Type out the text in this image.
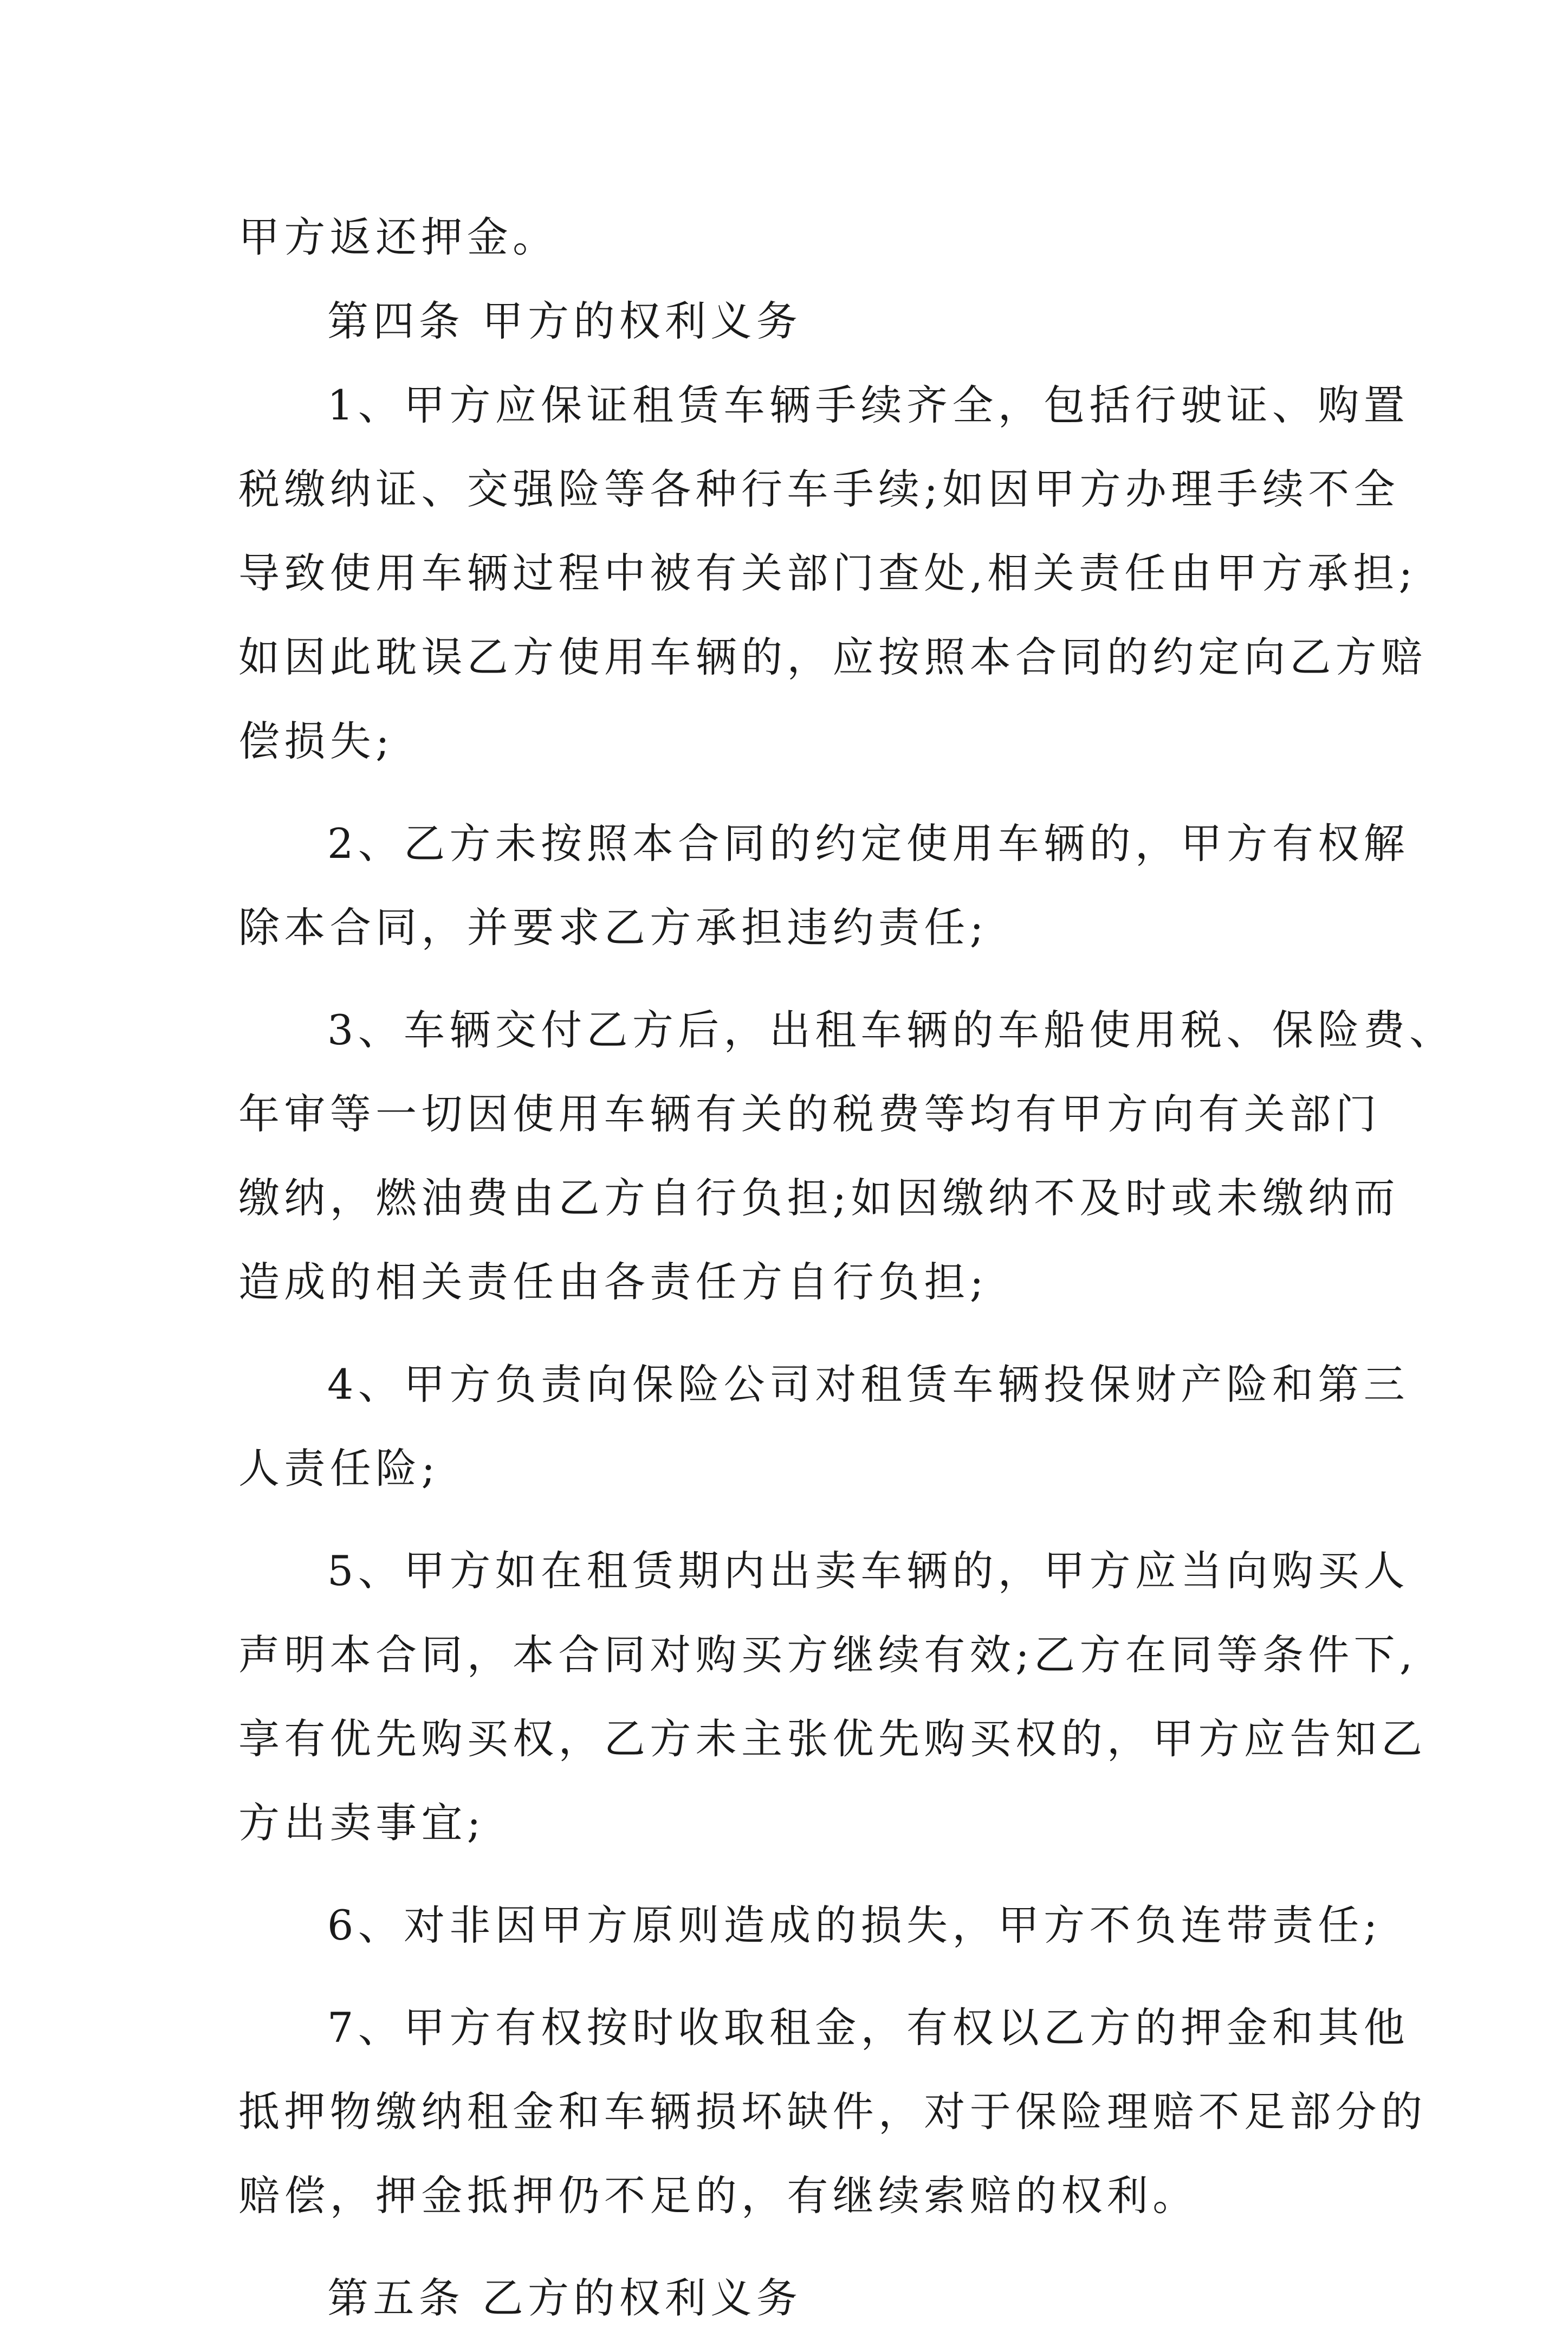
甲方返还押金。
第四条 甲方的权利义务
1、甲方应保证租赁车辆手续齐全，包括行驶证、购置
税缴纳证、交强险等各种行车手续;如因甲方办理手续不全
导致使用车辆过程中被有关部门查处,相关责任由甲方承担;
如因此耽误乙方使用车辆的，应按照本合同的约定向乙方赔
偿损失;
2、乙方未按照本合同的约定使用车辆的，甲方有权解
除本合同，并要求乙方承担违约责任;
3、车辆交付乙方后，出租车辆的车船使用税、保险费、
年审等一切因使用车辆有关的税费等均有甲方向有关部门
缴纳，燃油费由乙方自行负担;如因缴纳不及时或未缴纳而
造成的相关责任由各责任方自行负担;
4、甲方负责向保险公司对租赁车辆投保财产险和第三
人责任险;
5、甲方如在租赁期内出卖车辆的，甲方应当向购买人
声明本合同，本合同对购买方继续有效;乙方在同等条件下,
享有优先购买权，乙方未主张优先购买权的，甲方应告知乙
方出卖事宜;
6、对非因甲方原则造成的损失，甲方不负连带责任;
7、甲方有权按时收取租金，有权以乙方的押金和其他
抵押物缴纳租金和车辆损坏缺件，对于保险理赔不足部分的
赔偿，押金抵押仍不足的，有继续索赔的权利。
第五条 乙方的权利义务
